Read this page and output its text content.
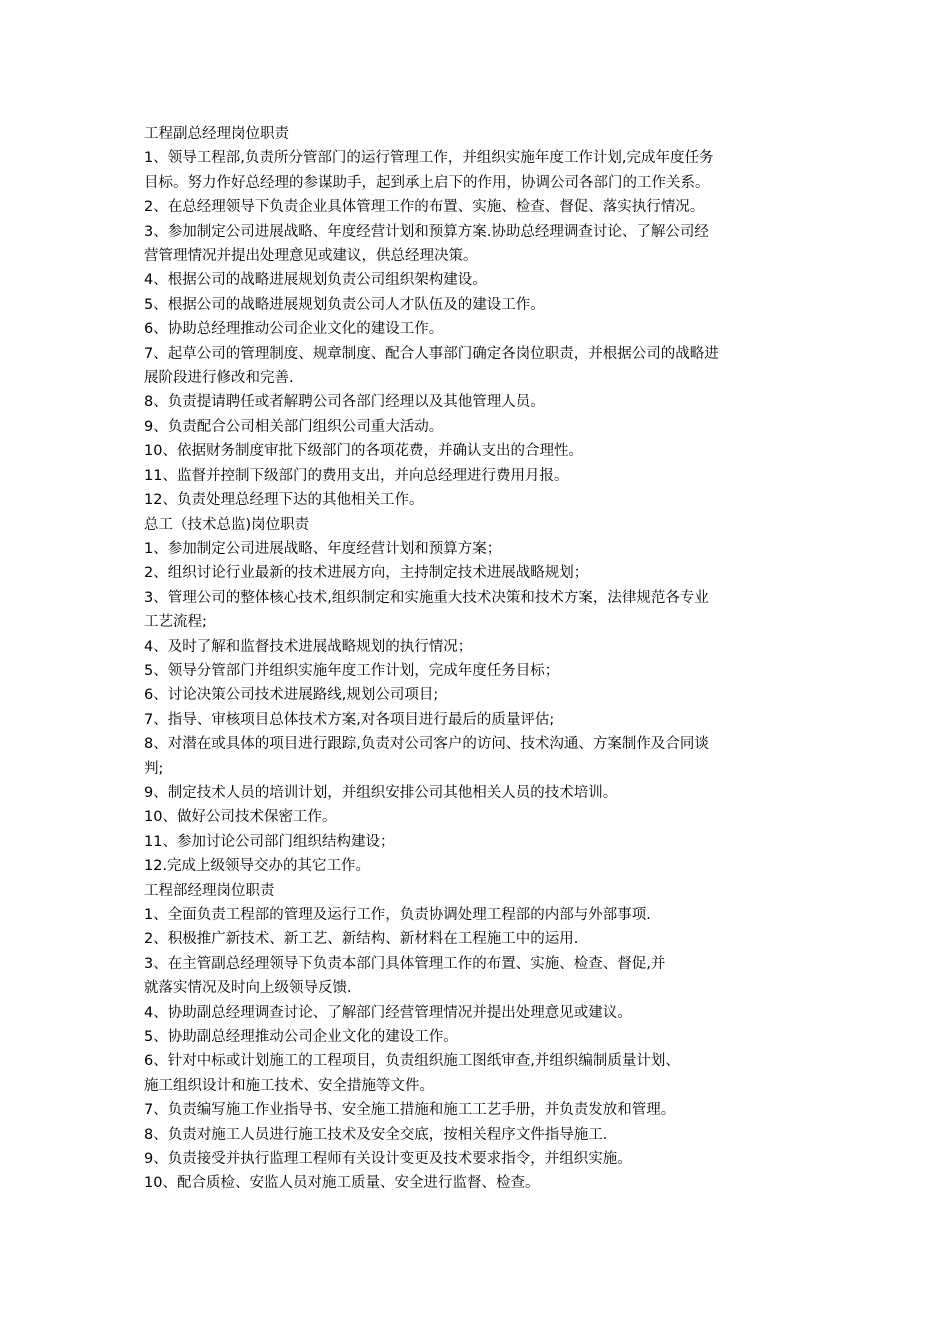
工程副总经理岗位职责

1、领导工程部,负责所分管部门的运行管理工作，并组织实施年度工作计划,完成年度任务

目标。努力作好总经理的参谋助手，起到承上启下的作用，协调公司各部门的工作关系。

2、在总经理领导下负责企业具体管理工作的布置、实施、检查、督促、落实执行情况。

3、参加制定公司进展战略、年度经营计划和预算方案.协助总经理调查讨论、了解公司经

营管理情况并提出处理意见或建议，供总经理决策。

4、根据公司的战略进展规划负责公司组织架构建设。

5、根据公司的战略进展规划负责公司人才队伍及的建设工作。

6、协助总经理推动公司企业文化的建设工作。

7、起草公司的管理制度、规章制度、配合人事部门确定各岗位职责，并根据公司的战略进

展阶段进行修改和完善.

8、负责提请聘任或者解聘公司各部门经理以及其他管理人员。

9、负责配合公司相关部门组织公司重大活动。

10、依据财务制度审批下级部门的各项花费，并确认支出的合理性。

11、监督并控制下级部门的费用支出，并向总经理进行费用月报。

12、负责处理总经理下达的其他相关工作。

总工（技术总监)岗位职责

1、参加制定公司进展战略、年度经营计划和预算方案；

2、组织讨论行业最新的技术进展方向，主持制定技术进展战略规划；

3、管理公司的整体核心技术,组织制定和实施重大技术决策和技术方案，法律规范各专业

工艺流程;

4、及时了解和监督技术进展战略规划的执行情况；

5、领导分管部门并组织实施年度工作计划，完成年度任务目标；

6、讨论决策公司技术进展路线,规划公司项目;

7、指导、审核项目总体技术方案,对各项目进行最后的质量评估;

8、对潜在或具体的项目进行跟踪,负责对公司客户的访问、技术沟通、方案制作及合同谈

判;

9、制定技术人员的培训计划，并组织安排公司其他相关人员的技术培训。

10、做好公司技术保密工作。

11、参加讨论公司部门组织结构建设；

12.完成上级领导交办的其它工作。

工程部经理岗位职责

1、全面负责工程部的管理及运行工作，负责协调处理工程部的内部与外部事项.

2、积极推广新技术、新工艺、新结构、新材料在工程施工中的运用.

3、在主管副总经理领导下负责本部门具体管理工作的布置、实施、检查、督促,并

就落实情况及时向上级领导反馈.

4、协助副总经理调查讨论、了解部门经营管理情况并提出处理意见或建议。

5、协助副总经理推动公司企业文化的建设工作。

6、针对中标或计划施工的工程项目，负责组织施工图纸审查,并组织编制质量计划、

施工组织设计和施工技术、安全措施等文件。

7、负责编写施工作业指导书、安全施工措施和施工工艺手册，并负责发放和管理。

8、负责对施工人员进行施工技术及安全交底，按相关程序文件指导施工.

9、负责接受并执行监理工程师有关设计变更及技术要求指令，并组织实施。

10、配合质检、安监人员对施工质量、安全进行监督、检查。
